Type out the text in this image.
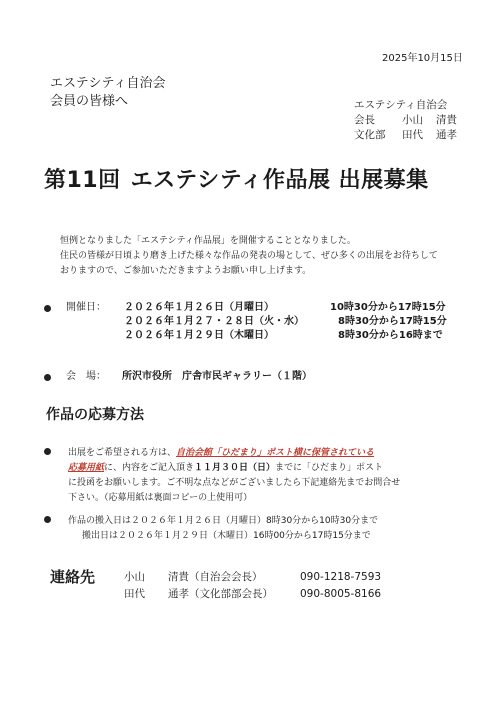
2025年10月15日
エステシティ自治会
会員の皆様へ	エステシティ自治会
会長	小山 清貴
文化部 田代 通孝
第11回 エステシティ作品展 出展募集
恒例となりました「エステシティ作品展」を開催することとなりました。
住民の皆様が日頃より磨き上げた様々な作品の発表の場として、ぜひ多くの出展をお待ちして
おりますので、ご参加いただきますようお願い申し上げます。
開催日： ２０２６年１月２６日（月曜日）	10時30分から17時15分
２０２６年１月２７・２８日（火・水）	8時30分から17時15分
２０２６年１月２９日（木曜日）	8時30分から16時まで
会　場： 所沢市役所　庁舎市民ギャラリー（１階）
作品の応募方法
出展をご希望される方は、自治会館「ひだまり」ポスト横に保管されている
応募用紙に、内容をご記入頂き１１月３０日（日）までに「ひだまり」ポスト
に投函をお願いします。ご不明な点などがございましたら下記連絡先までお問合せ
下さい。（応募用紙は裏面コピーの上使用可）
作品の搬入日は２０２６年１月２６日（月曜日）8時30分から10時30分まで
搬出日は２０２６年１月２９日（木曜日）16時00分から17時15分まで
連絡先	小山 清貴（自治会会長）	090-1218-7593
田代 通孝（文化部部会長）	090-8005-8166
